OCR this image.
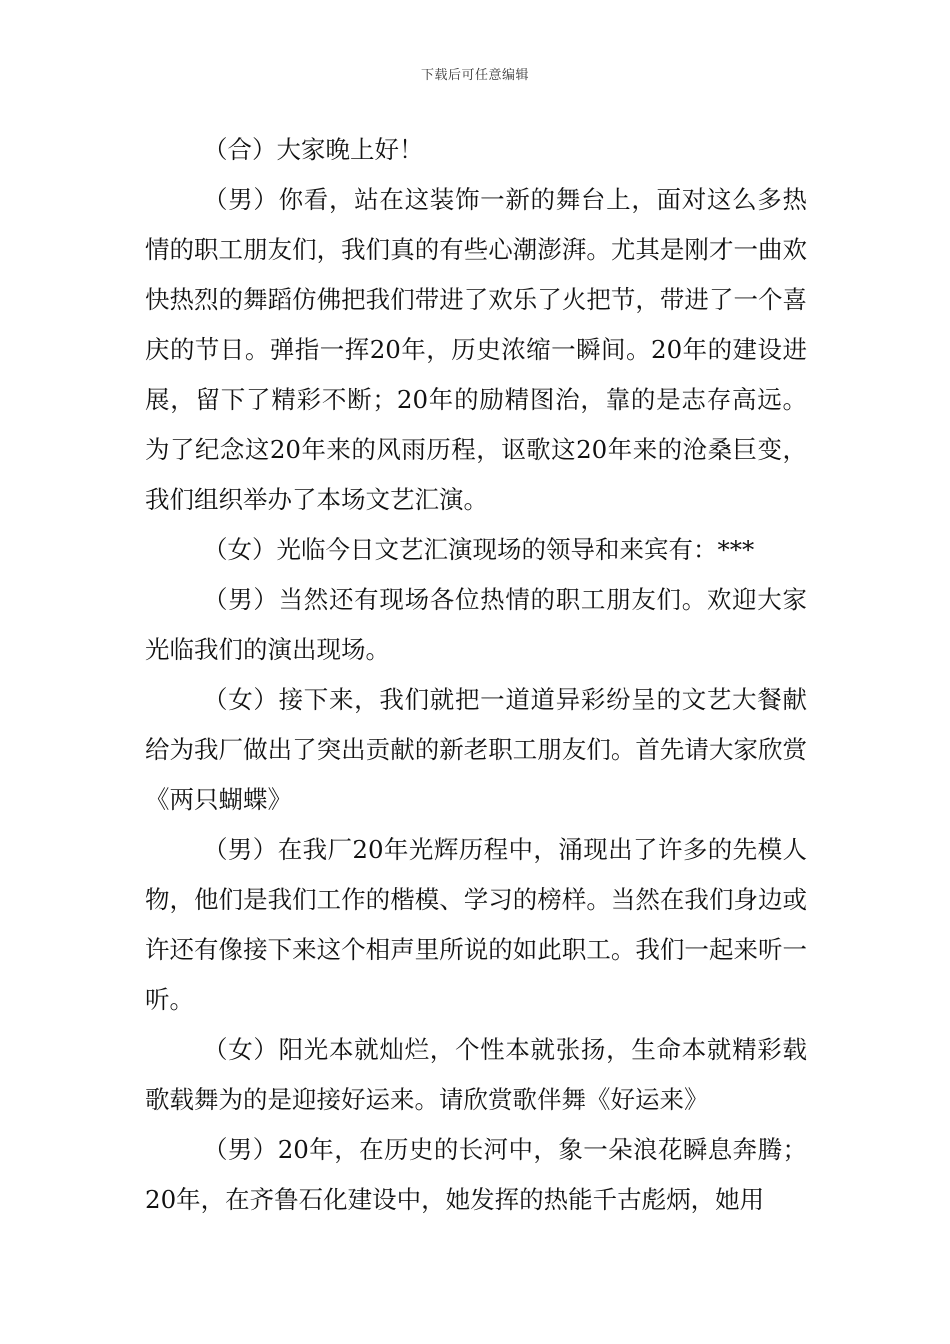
下载后可任意编辑

（合）大家晚上好！

（男）你看，站在这装饰一新的舞台上，面对这么多热情的职工朋友们，我们真的有些心潮澎湃。尤其是刚才一曲欢快热烈的舞蹈仿佛把我们带进了欢乐了火把节，带进了一个喜庆的节日。弹指一挥20年，历史浓缩一瞬间。20年的建设进展，留下了精彩不断；20年的励精图治，靠的是志存高远。为了纪念这20年来的风雨历程，讴歌这20年来的沧桑巨变，我们组织举办了本场文艺汇演。

（女）光临今日文艺汇演现场的领导和来宾有：***

（男）当然还有现场各位热情的职工朋友们。欢迎大家光临我们的演出现场。

（女）接下来，我们就把一道道异彩纷呈的文艺大餐献给为我厂做出了突出贡献的新老职工朋友们。首先请大家欣赏《两只蝴蝶》

（男）在我厂20年光辉历程中，涌现出了许多的先模人物，他们是我们工作的楷模、学习的榜样。当然在我们身边或许还有像接下来这个相声里所说的如此职工。我们一起来听一听。

（女）阳光本就灿烂，个性本就张扬，生命本就精彩载歌载舞为的是迎接好运来。请欣赏歌伴舞《好运来》

（男）20年，在历史的长河中，象一朵浪花瞬息奔腾；20年，在齐鲁石化建设中，她发挥的热能千古彪炳，她用
